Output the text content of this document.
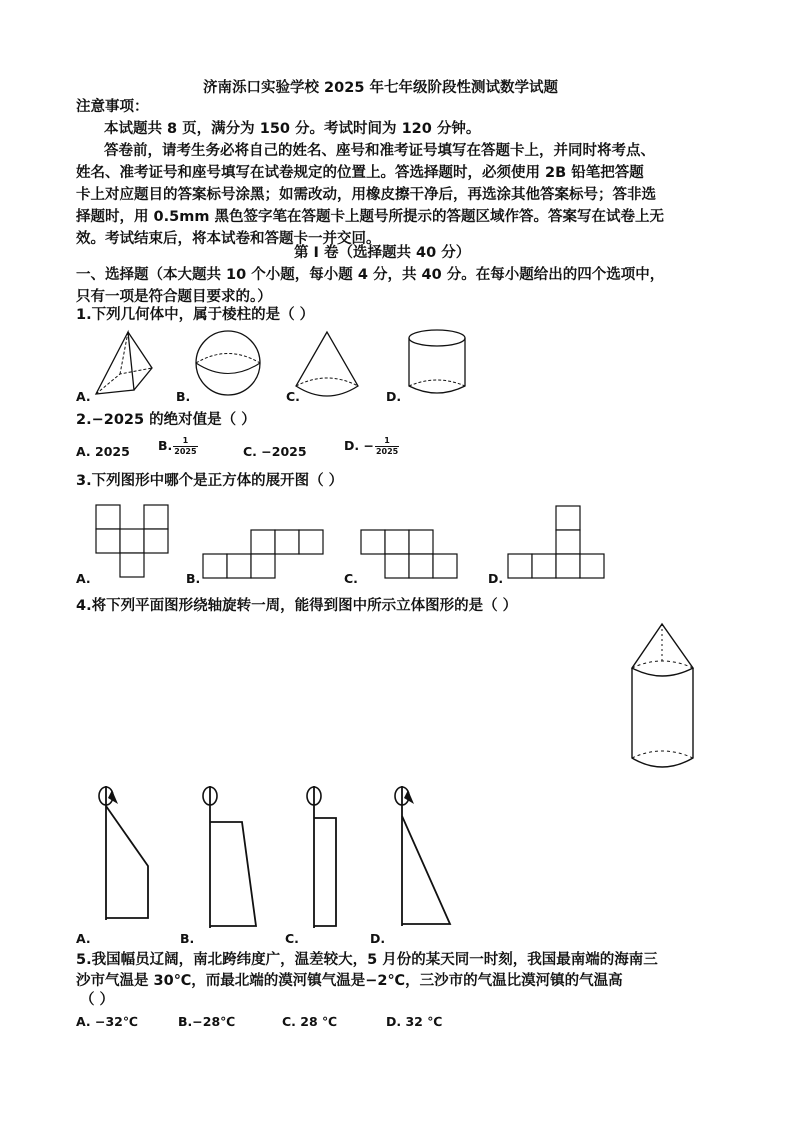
济南泺口实验学校 2025 年七年级阶段性测试数学试题
注意事项：
本试题共 8 页，满分为 150 分。考试时间为 120 分钟。
答卷前，请考生务必将自己的姓名、座号和准考证号填写在答题卡上，并同时将考点、
姓名、准考证号和座号填写在试卷规定的位置上。答选择题时，必须使用 2B 铅笔把答题
卡上对应题目的答案标号涂黑；如需改动，用橡皮擦干净后，再选涂其他答案标号；答非选
择题时，用 0.5mm 黑色签字笔在答题卡上题号所提示的答题区域作答。答案写在试卷上无
效。考试结束后，将本试卷和答题卡一并交回。
第 Ⅰ 卷（选择题共 40 分）
一、选择题（本大题共 10 个小题，每小题 4 分，共 40 分。在每小题给出的四个选项中，
只有一项是符合题目要求的。）
1.下列几何体中，属于棱柱的是（ ）
A.	B.	C.	D.
2.−2025 的绝对值是（ ）
A. 2025 B. $\frac{1}{2025}$	C. −2025	D. − $\frac{1}{2025}$
3.下列图形中哪个是正方体的展开图（ ）
A.	B.	C.	D.
4.将下列平面图形绕轴旋转一周，能得到图中所示立体图形的是（ ）
A.	B.	C.	D.
5.我国幅员辽阔，南北跨纬度广，温差较大，5 月份的某天同一时刻，我国最南端的海南三
沙市气温是 30℃，而最北端的漠河镇气温是−2℃，三沙市的气温比漠河镇的气温高
（ ）
A. −32℃	B.−28℃	C. 28 ℃	D. 32 ℃
